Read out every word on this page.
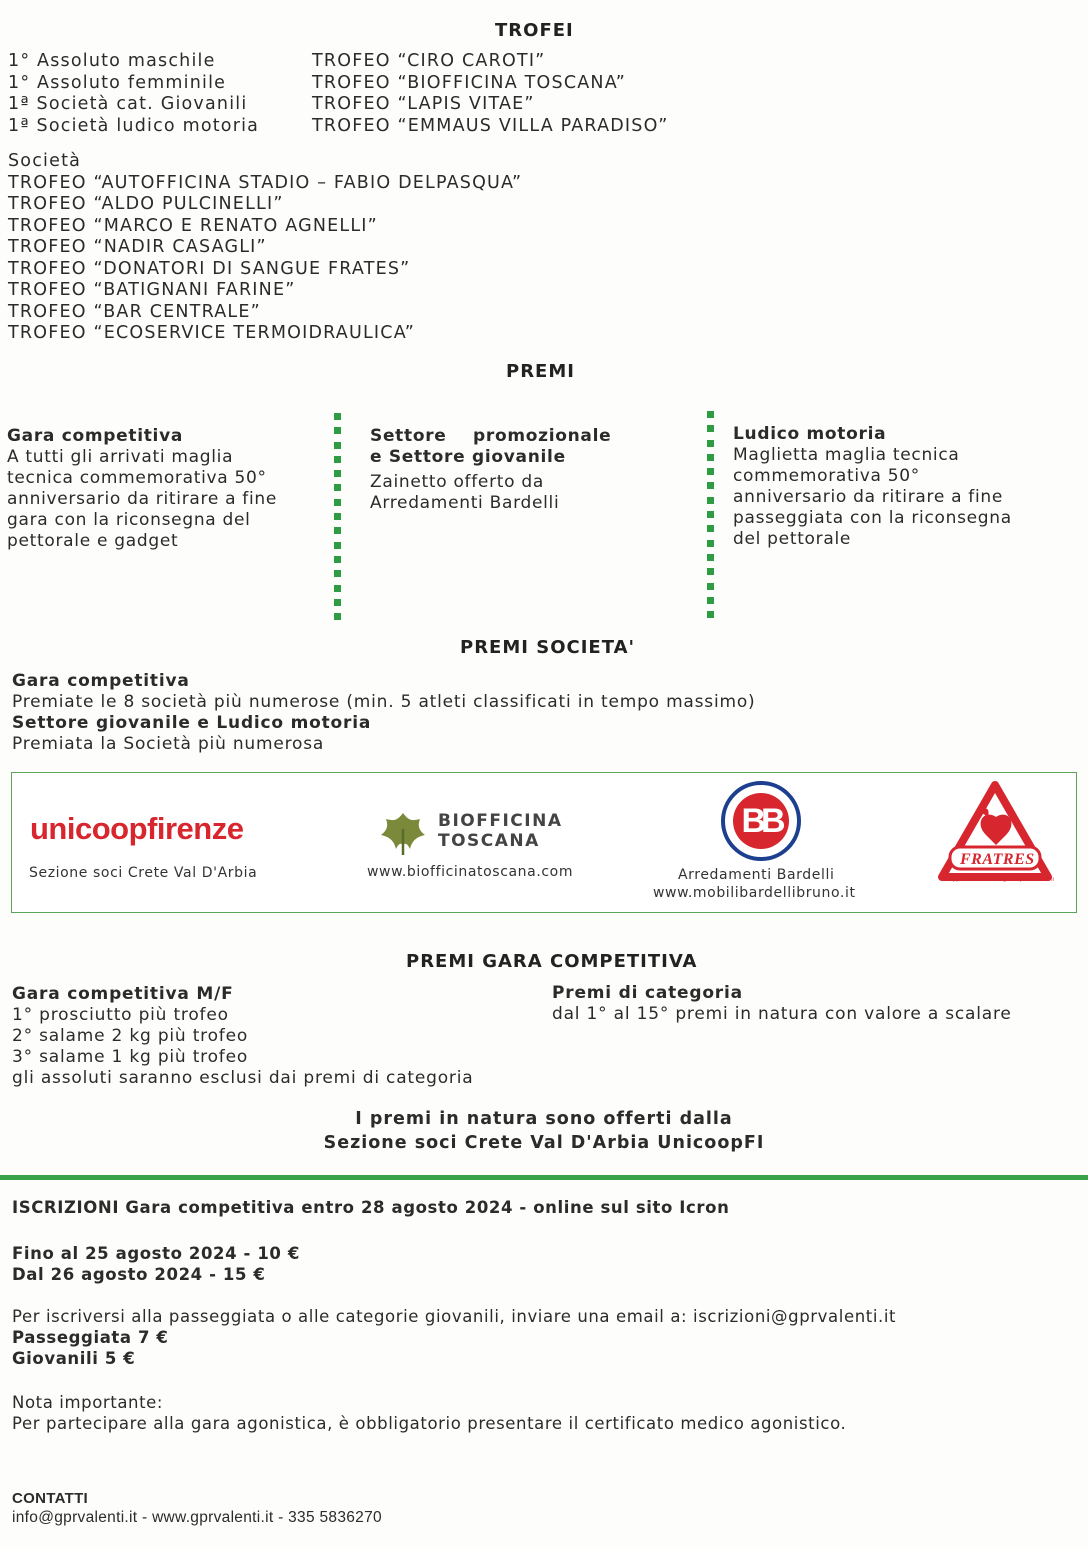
TROFEI
1° Assoluto maschile
1° Assoluto femminile
1ª Società cat. Giovanili
1ª Società ludico motoria
TROFEO “CIRO CAROTI”
TROFEO “BIOFFICINA TOSCANA”
TROFEO “LAPIS VITAE”
TROFEO “EMMAUS VILLA PARADISO”
Società
TROFEO “AUTOFFICINA STADIO – FABIO DELPASQUA”
TROFEO “ALDO PULCINELLI”
TROFEO “MARCO E RENATO AGNELLI”
TROFEO “NADIR CASAGLI”
TROFEO “DONATORI DI SANGUE FRATES”
TROFEO “BATIGNANI FARINE”
TROFEO “BAR CENTRALE”
TROFEO “ECOSERVICE TERMOIDRAULICA”
PREMI
Gara competitiva
A tutti gli arrivati maglia
tecnica commemorativa 50°
anniversario da ritirare a fine
gara con la riconsegna del
pettorale e gadget
Settore    promozionale
e Settore giovanile
Zainetto offerto da
Arredamenti Bardelli
Ludico motoria
Maglietta maglia tecnica
commemorativa 50°
anniversario da ritirare a fine
passeggiata con la riconsegna
del pettorale
PREMI SOCIETA'
Gara competitiva
Premiate le 8 società più numerose (min. 5 atleti classificati in tempo massimo)
Settore giovanile e Ludico motoria
Premiata la Società più numerosa
unicoopfirenze
Sezione soci Crete Val D'Arbia
BIOFFICINA
TOSCANA
www.biofficinatoscana.com
BB
Arredamenti Bardelli
www.mobilibardellibruno.it
FRATRES
Gruppo Donatori di Sangue Popolare e Sieni
PREMI GARA COMPETITIVA
Gara competitiva M/F
1° prosciutto più trofeo
2° salame 2 kg più trofeo
3° salame 1 kg più trofeo
gli assoluti saranno esclusi dai premi di categoria
Premi di categoria
dal 1° al 15° premi in natura con valore a scalare
I premi in natura sono offerti dalla
Sezione soci Crete Val D'Arbia UnicoopFI
ISCRIZIONI Gara competitiva entro 28 agosto 2024 - online sul sito Icron
Fino al 25 agosto 2024 - 10 €
Dal 26 agosto 2024 - 15 €
Per iscriversi alla passeggiata o alle categorie giovanili, inviare una email a: iscrizioni@gprvalenti.it
Passeggiata 7 €
Giovanili 5 €
Nota importante:
Per partecipare alla gara agonistica, è obbligatorio presentare il certificato medico agonistico.
CONTATTI
info@gprvalenti.it - www.gprvalenti.it - 335 5836270
